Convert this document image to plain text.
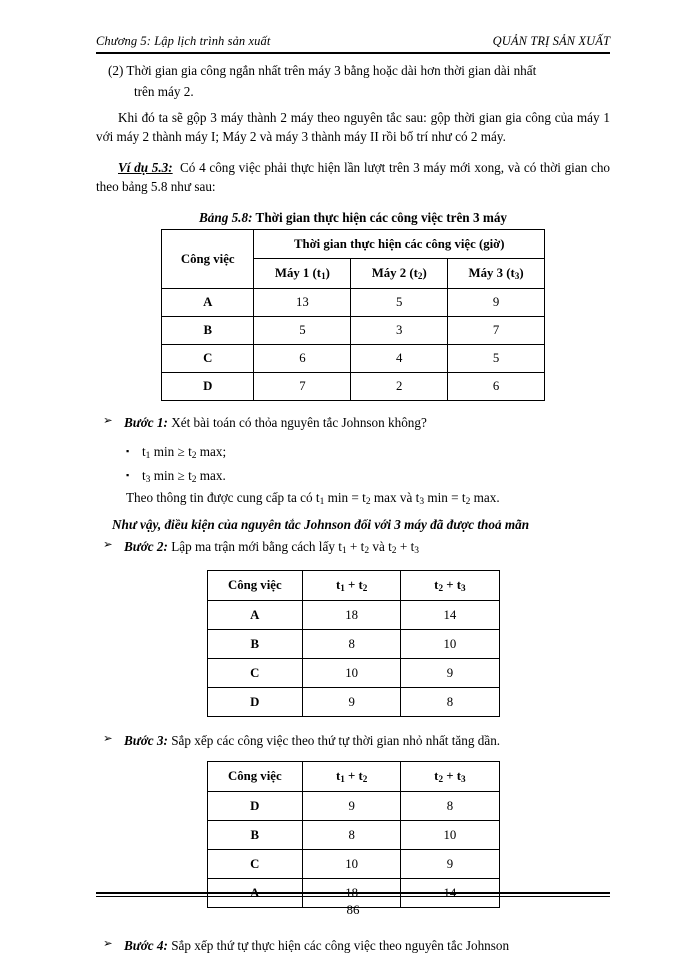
Chương 5: Lập lịch trình sản xuất	QUẢN TRỊ SẢN XUẤT

(2) Thời gian gia công ngắn nhất trên máy 3 bằng hoặc dài hơn thời gian dài nhất

trên máy 2.

Khi đó ta sẽ gộp 3 máy thành 2 máy theo nguyên tắc sau: gộp thời gian gia công của máy 1 với máy 2 thành máy I; Máy 2 và máy 3 thành máy II rồi bố trí như có 2 máy.

Ví dụ 5.3: Có 4 công việc phải thực hiện lần lượt trên 3 máy mới xong, và có thời gian cho theo bảng 5.8 như sau:

Bảng 5.8: Thời gian thực hiện các công việc trên 3 máy
Công việc	Thời gian thực hiện các công việc (giờ)		
	Máy 1 $(t_1)$	Máy 2 $(t_2)$	Máy 3 $(t_3)$
A	13	5	9
B	5	3	7
C	6	4	5
D	7	2	6
➢ Bước 1: Xét bài toán có thỏa nguyên tắc Johnson không?
▪ $t_1$ $\min \ge t_2$ max;
▪ $t_3$ $\min \ge t_2$ max.
Theo thông tin được cung cấp ta có $t_1$ $\min = t_2$ max và $t_3$ $\min = t_2$ max.
Như vậy, điều kiện của nguyên tắc Johnson đối với 3 máy đã được thoả mãn
➢ Bước 2: Lập ma trận mới bằng cách lấy $t_1 + t_2$ và $t_2 + t_3$
Công việc	$t_1 + t_2$	$t_2 + t_3$
A	18	14
B	8	10
C	10	9
D	9	8
➢ Bước 3: Sắp xếp các công việc theo thứ tự thời gian nhỏ nhất tăng dần.
Công việc	$t_1 + t_2$	$t_2 + t_3$
D	9	8
B	8	10
C	10	9
A	18	14
➢ Bước 4: Sắp xếp thứ tự thực hiện các công việc theo nguyên tắc Johnson
86
